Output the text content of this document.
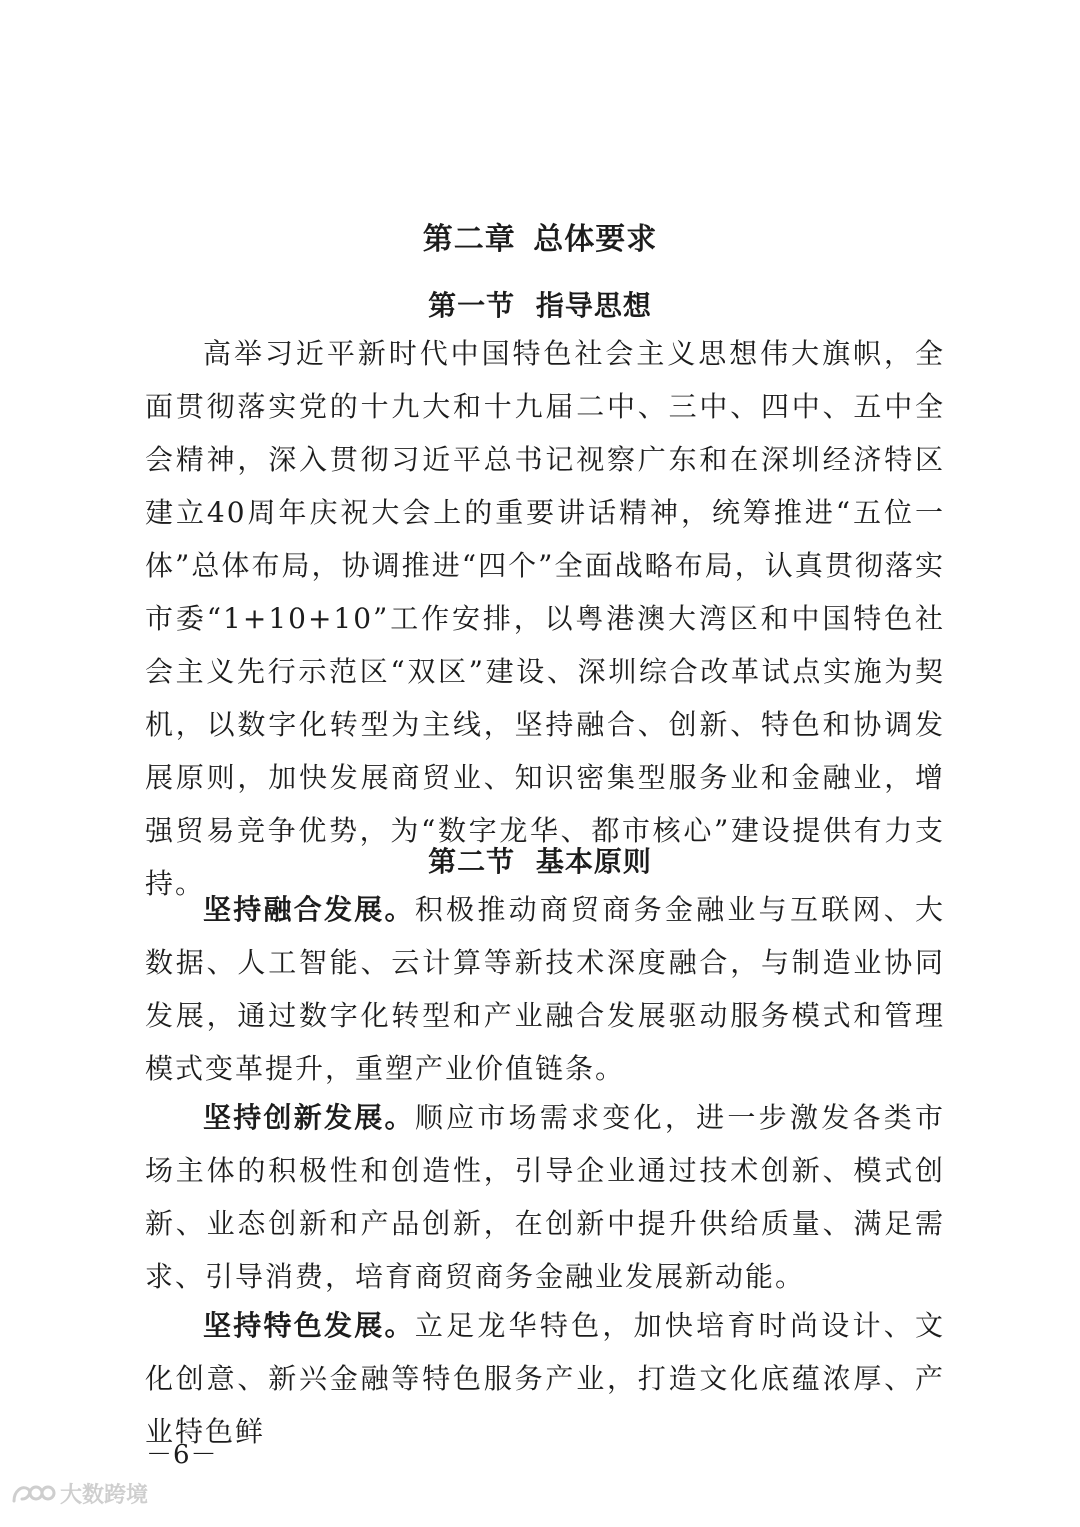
第二章 总体要求
第一节 指导思想

高举习近平新时代中国特色社会主义思想伟大旗帜，全面贯彻落实党的十九大和十九届二中、三中、四中、五中全会精神，深入贯彻习近平总书记视察广东和在深圳经济特区建立40周年庆祝大会上的重要讲话精神，统筹推进“五位一体”总体布局，协调推进“四个”全面战略布局，认真贯彻落实市委“1+10+10”工作安排，以粤港澳大湾区和中国特色社会主义先行示范区“双区”建设、深圳综合改革试点实施为契机，以数字化转型为主线，坚持融合、创新、特色和协调发展原则，加快发展商贸业、知识密集型服务业和金融业，增强贸易竞争优势，为“数字龙华、都市核心”建设提供有力支持。

第二节 基本原则

坚持融合发展。积极推动商贸商务金融业与互联网、大数据、人工智能、云计算等新技术深度融合，与制造业协同发展，通过数字化转型和产业融合发展驱动服务模式和管理模式变革提升，重塑产业价值链条。

坚持创新发展。顺应市场需求变化，进一步激发各类市场主体的积极性和创造性，引导企业通过技术创新、模式创新、业态创新和产品创新，在创新中提升供给质量、满足需求、引导消费，培育商贸商务金融业发展新动能。

坚持特色发展。立足龙华特色，加快培育时尚设计、文化创意、新兴金融等特色服务产业，打造文化底蕴浓厚、产业特色鲜

－6－
大数跨境
